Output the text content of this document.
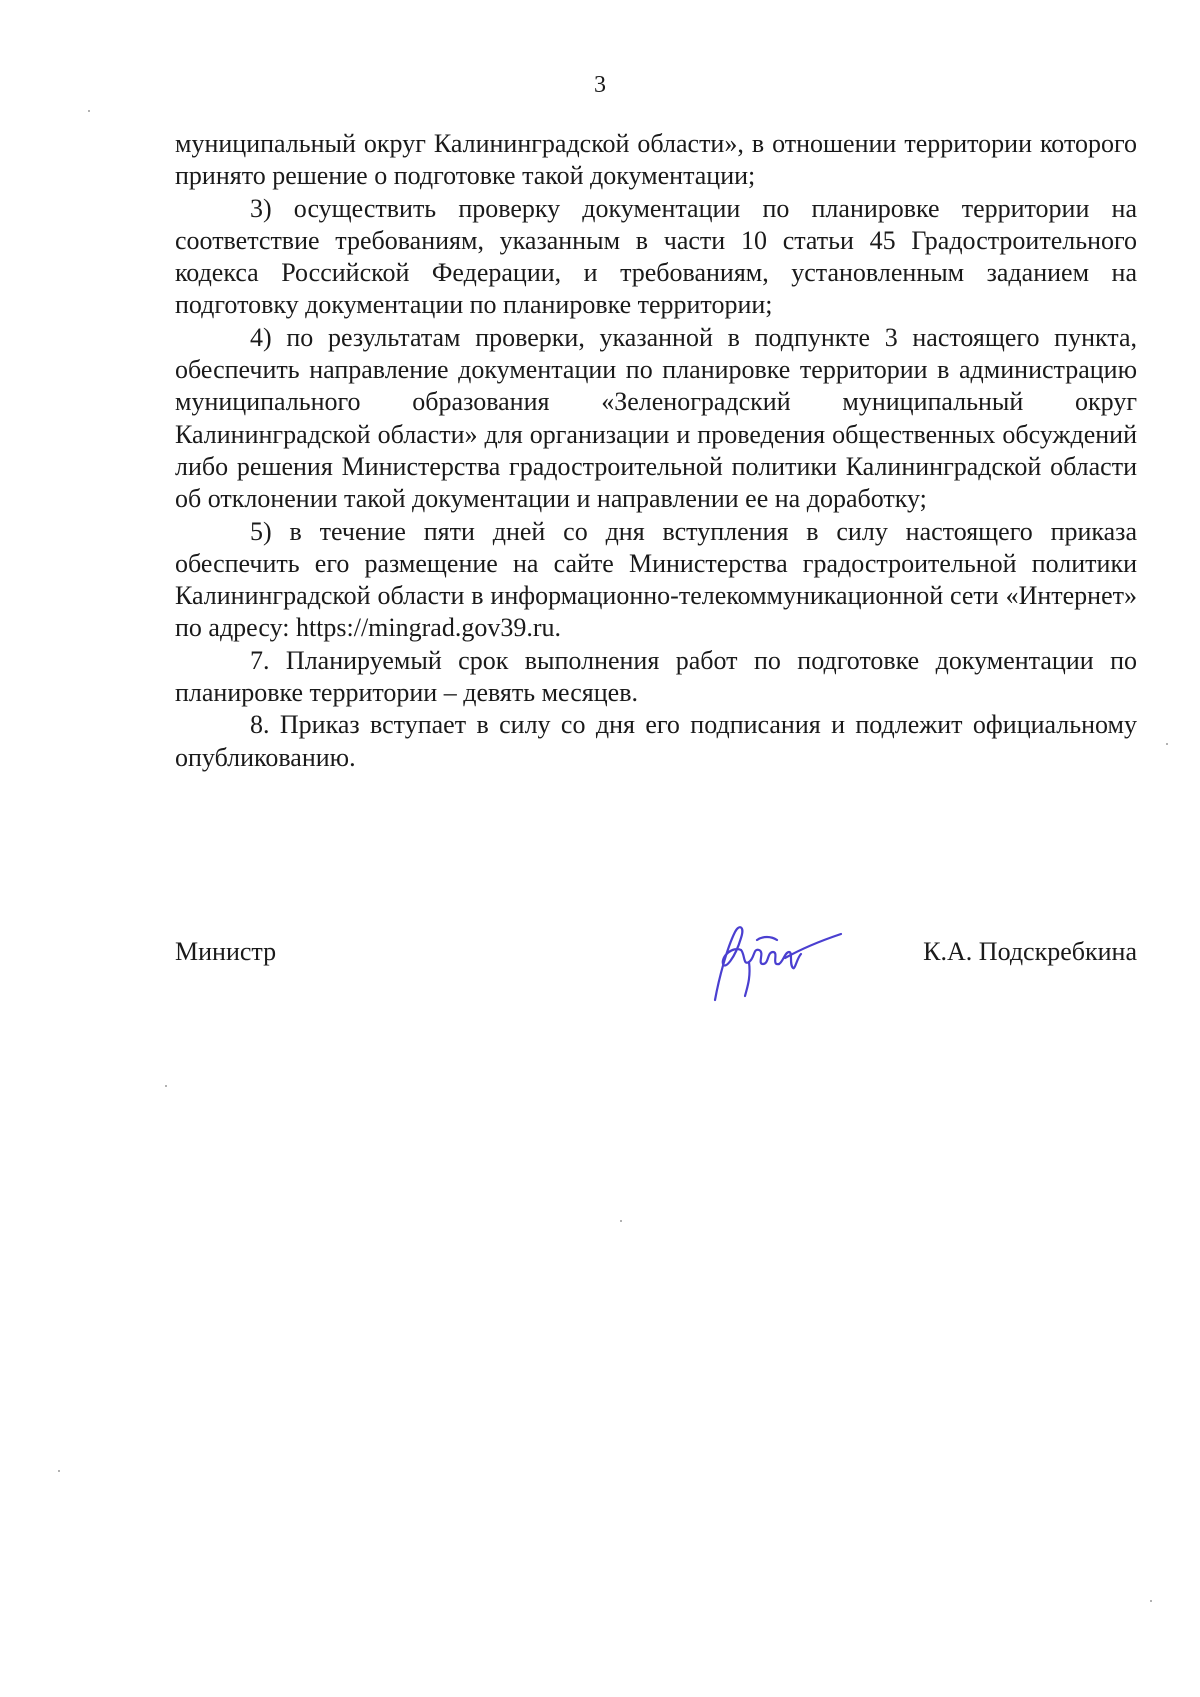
3

муниципальный округ Калининградской области», в отношении территории которого принято решение о подготовке такой документации;

3) осуществить проверку документации по планировке территории на соответствие требованиям, указанным в части 10 статьи 45 Градостроительного кодекса Российской Федерации, и требованиям, установленным заданием на подготовку документации по планировке территории;

4) по результатам проверки, указанной в подпункте 3 настоящего пункта, обеспечить направление документации по планировке территории в администрацию муниципального образования «Зеленоградский муниципальный округ Калининградской области» для организации и проведения общественных обсуждений либо решения Министерства градостроительной политики Калининградской области об отклонении такой документации и направлении ее на доработку;

5) в течение пяти дней со дня вступления в силу настоящего приказа обеспечить его размещение на сайте Министерства градостроительной политики Калининградской области в информационно-телекоммуникационной сети «Интернет» по адресу: https://mingrad.gov39.ru.

7. Планируемый срок выполнения работ по подготовке документации по планировке территории – девять месяцев.

8. Приказ вступает в силу со дня его подписания и подлежит официальному опубликованию.

Министр	К.А. Подскребкина
